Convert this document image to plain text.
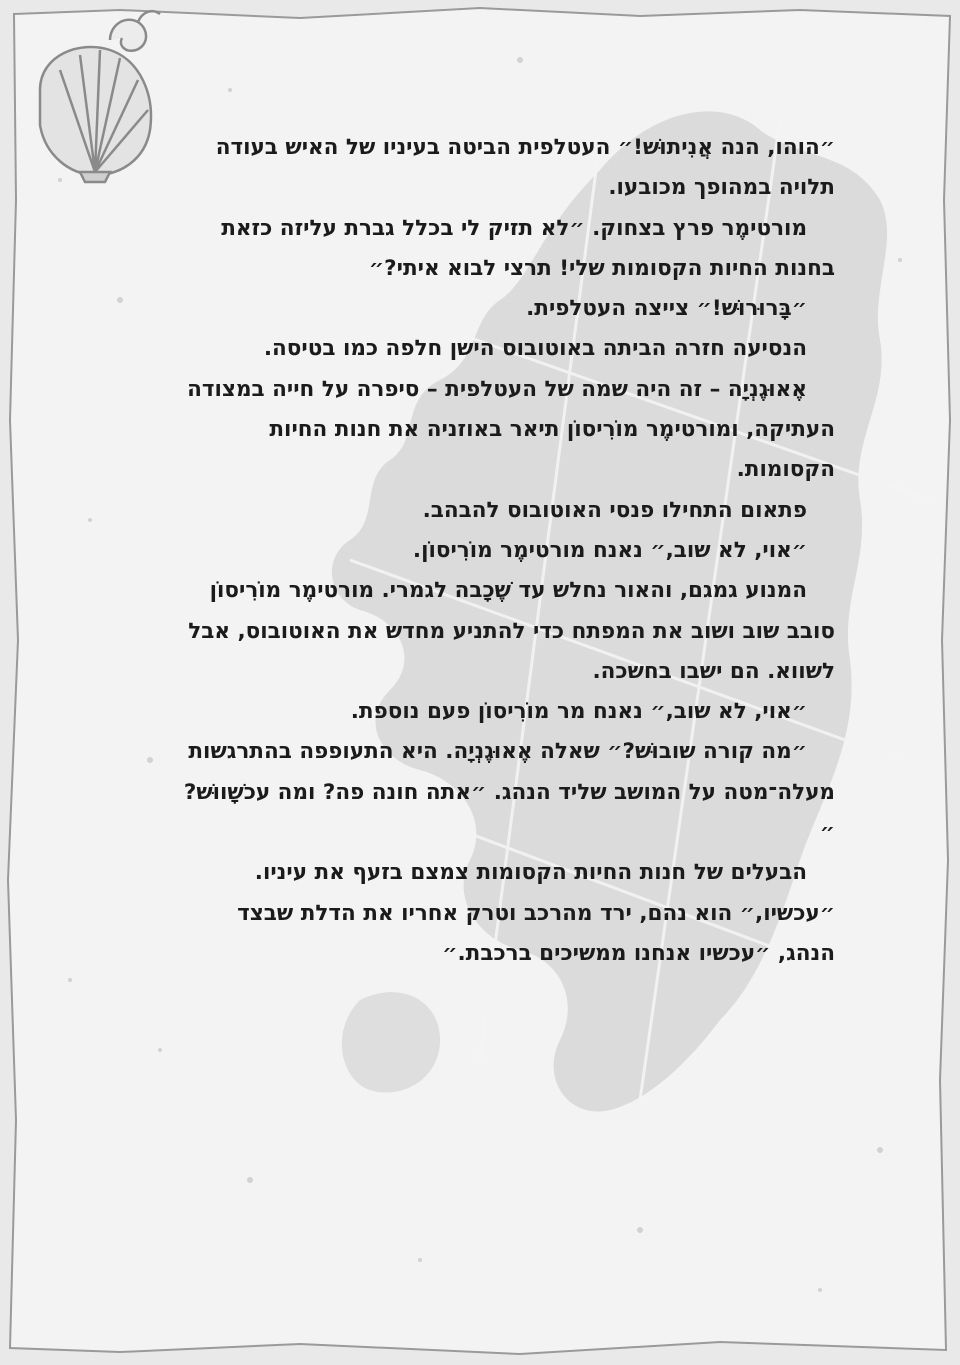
״הוהו, הנה אֲנִיתוּשׁ!״ העטלפית הביטה בעיניו של האיש בעודה תלויה במהופך מכובעו.

מורטימֶר פרץ בצחוק. ״לא תזיק לי בכלל גברת עליזה כזאת בחנות החיות הקסומות שלי! תרצי לבוא איתי?״

״בָּרוּרוּשׁ!״ צייצה העטלפית.

הנסיעה חזרה הביתה באוטובוס הישן חלפה כמו בטיסה.

אֶאוּגֶנְיָה – זה היה שמה של העטלפית – סיפרה על חייה במצודה העתיקה, ומורטימֶר מוֹרִיסוֹן תיאר באוזניה את חנות החיות הקסומות.

פתאום התחילו פנסי האוטובוס להבהב.

״אוי, לא שוב,״ נאנח מורטימֶר מוֹרִיסוֹן.

המנוע גמגם, והאור נחלש עד שֶׁכָבה לגמרי. מורטימֶר מוֹרִיסוֹן סובב שוב ושוב את המפתח כדי להתניע מחדש את האוטובוס, אבל לשווא. הם ישבו בחשכה.

״אוי, לא שוב,״ נאנח מר מוֹרִיסוֹן פעם נוספת.

״מה קורה שובוּשׁ?״ שאלה אֶאוּגֶנְיָה. היא התעופפה בהתרגשות מעלה־מטה על המושב שליד הנהג. ״אתה חונה פה? ומה עכשָׁווּשׁ?״

הבעלים של חנות החיות הקסומות צמצם בזעף את עיניו. ״עכשיו,״ הוא נהם, ירד מהרכב וטרק אחריו את הדלת שבצד הנהג, ״עכשיו אנחנו ממשיכים ברכבת.״
